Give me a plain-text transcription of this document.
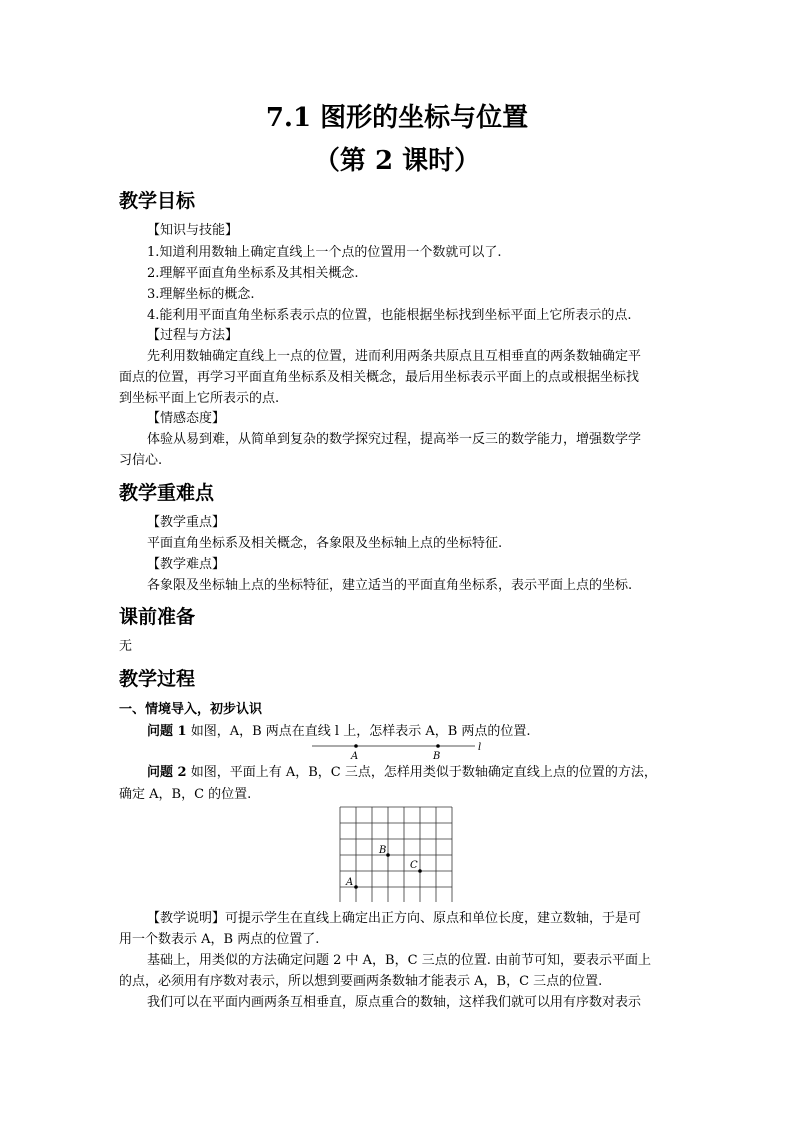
7.1 图形的坐标与位置
（第 2 课时）
教学目标
【知识与技能】
1.知道利用数轴上确定直线上一个点的位置用一个数就可以了.
2.理解平面直角坐标系及其相关概念.
3.理解坐标的概念.
4.能利用平面直角坐标系表示点的位置，也能根据坐标找到坐标平面上它所表示的点.
【过程与方法】
先利用数轴确定直线上一点的位置，进而利用两条共原点且互相垂直的两条数轴确定平
面点的位置，再学习平面直角坐标系及相关概念，最后用坐标表示平面上的点或根据坐标找
到坐标平面上它所表示的点.
【情感态度】
体验从易到难，从简单到复杂的数学探究过程，提高举一反三的数学能力，增强数学学
习信心.
教学重难点
【教学重点】
平面直角坐标系及相关概念，各象限及坐标轴上点的坐标特征.
【教学难点】
各象限及坐标轴上点的坐标特征，建立适当的平面直角坐标系，表示平面上点的坐标.
课前准备
无
教学过程
一、情境导入，初步认识
问题 1 如图，A，B 两点在直线 l 上，怎样表示 A，B 两点的位置.
A	B
l
问题 2 如图，平面上有 A，B，C 三点，怎样用类似于数轴确定直线上点的位置的方法，
确定 A，B，C 的位置.
A
B
C
【教学说明】可提示学生在直线上确定出正方向、原点和单位长度，建立数轴，于是可
用一个数表示 A，B 两点的位置了.
基础上，用类似的方法确定问题 2 中 A，B，C 三点的位置. 由前节可知，要表示平面上
的点，必须用有序数对表示，所以想到要画两条数轴才能表示 A，B，C 三点的位置.
我们可以在平面内画两条互相垂直，原点重合的数轴，这样我们就可以用有序数对表示
